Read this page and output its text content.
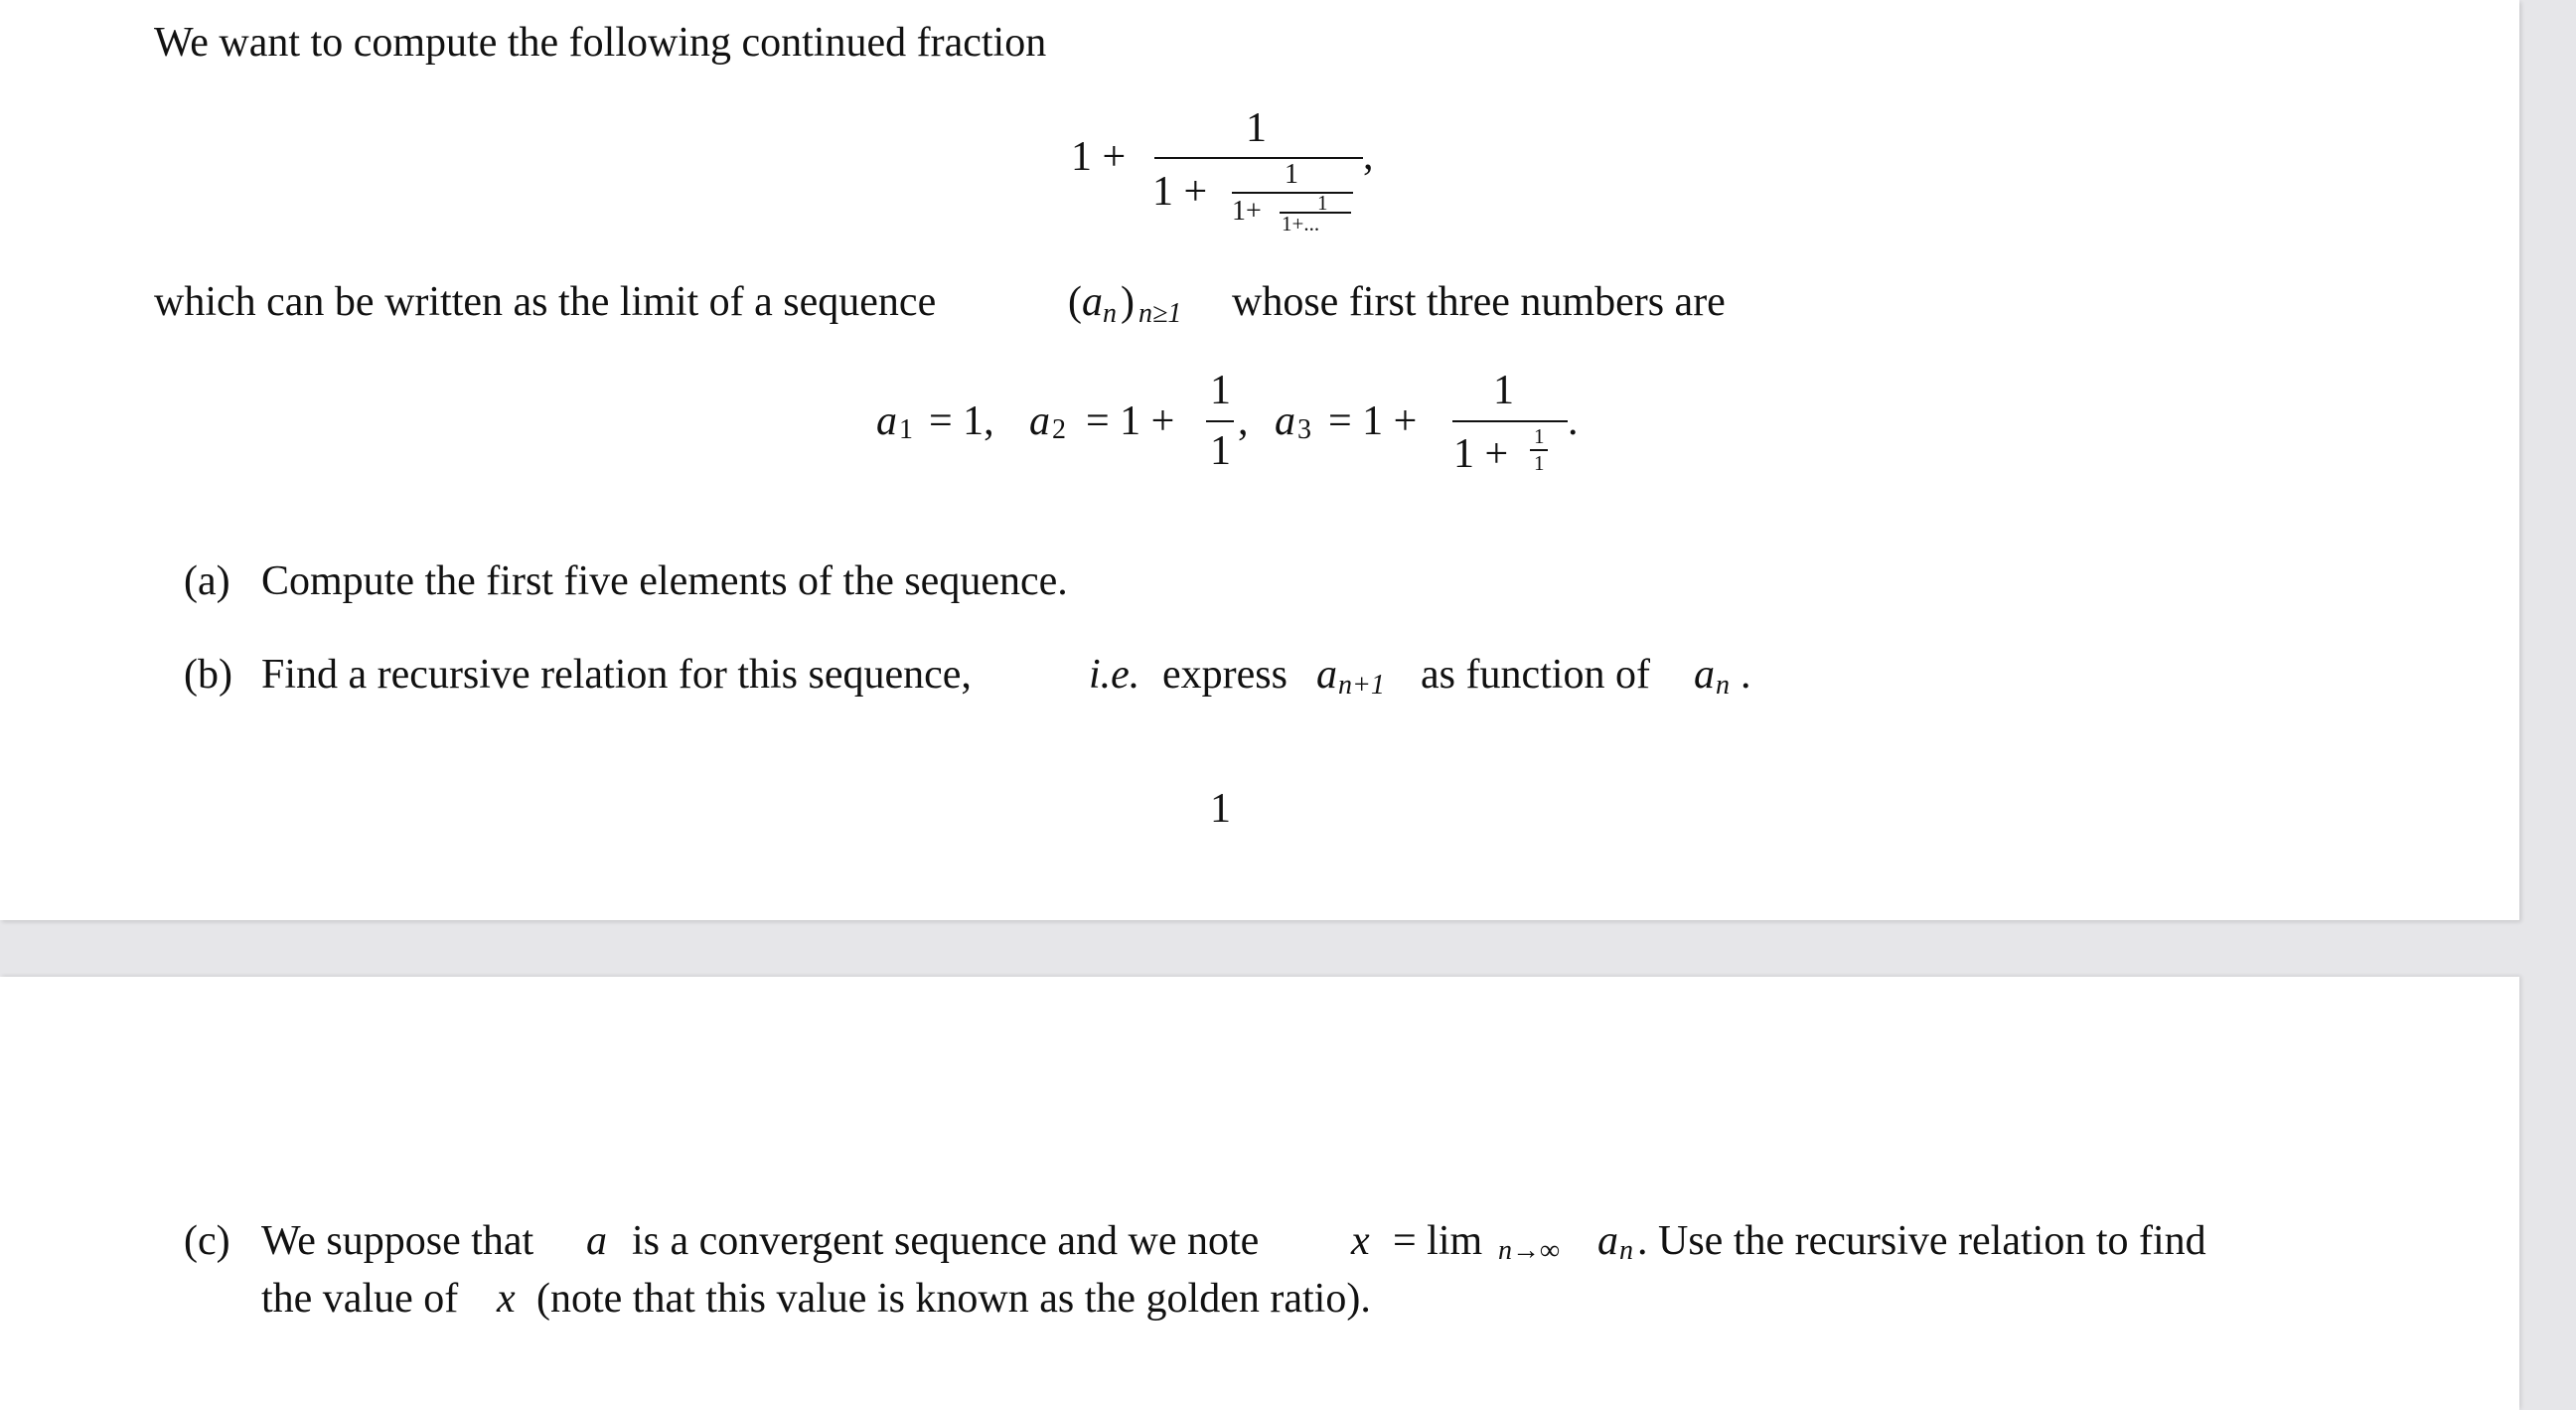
We want to compute the following continued fraction
1 +
1
1 +	1
1+	1
1+...
,
which can be written as the limit of a sequence	( a n ) n≥1 whose first three numbers are
a 1 = 1, a 2 = 1 +
1
1
, a 3 = 1 +
1
1 + 1
1
.
(a) Compute the first five elements of the sequence.
(b) Find a recursive relation for this sequence,	i.e. express a n+1 as function of a n .
1
(c) We suppose that a is a convergent sequence and we note x = lim n→∞ a n . Use the recursive relation to find
the value of x (note that this value is known as the golden ratio).
